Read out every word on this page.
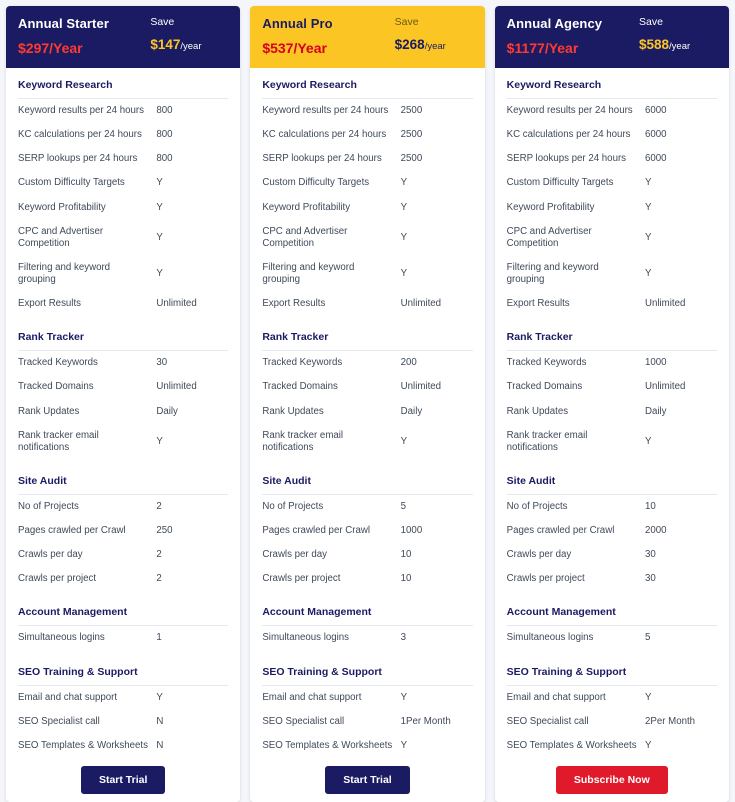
Annual Starter
$297/Year
Save
$147/year
Keyword Research
Keyword results per 24 hours	800
KC calculations per 24 hours	800
SERP lookups per 24 hours	800
Custom Difficulty Targets	Y
Keyword Profitability	Y
CPC and Advertiser Competition
Y
Filtering and keyword grouping
Y
Export Results	Unlimited
Rank Tracker
Tracked Keywords	30
Tracked Domains	Unlimited
Rank Updates	Daily
Rank tracker email notifications
Y
Site Audit
No of Projects	2
Pages crawled per Crawl	250
Crawls per day	2
Crawls per project	2
Account Management
Simultaneous logins	1
SEO Training & Support
Email and chat support	Y
SEO Specialist call	N
SEO Templates & Worksheets N
Start Trial
Annual Pro
$537/Year
Save
$268/year
Keyword Research
Keyword results per 24 hours	2500
KC calculations per 24 hours	2500
SERP lookups per 24 hours	2500
Custom Difficulty Targets	Y
Keyword Profitability	Y
CPC and Advertiser Competition
Y
Filtering and keyword grouping
Y
Export Results	Unlimited
Rank Tracker
Tracked Keywords	200
Tracked Domains	Unlimited
Rank Updates	Daily
Rank tracker email notifications
Y
Site Audit
No of Projects	5
Pages crawled per Crawl	1000
Crawls per day	10
Crawls per project	10
Account Management
Simultaneous logins	3
SEO Training & Support
Email and chat support	Y
SEO Specialist call	1Per Month
SEO Templates & Worksheets Y
Start Trial
Annual Agency
$1177/Year
Save
$588/year
Keyword Research
Keyword results per 24 hours	6000
KC calculations per 24 hours	6000
SERP lookups per 24 hours	6000
Custom Difficulty Targets	Y
Keyword Profitability	Y
CPC and Advertiser Competition
Y
Filtering and keyword grouping
Y
Export Results	Unlimited
Rank Tracker
Tracked Keywords	1000
Tracked Domains	Unlimited
Rank Updates	Daily
Rank tracker email notifications
Y
Site Audit
No of Projects	10
Pages crawled per Crawl	2000
Crawls per day	30
Crawls per project	30
Account Management
Simultaneous logins	5
SEO Training & Support
Email and chat support	Y
SEO Specialist call	2Per Month
SEO Templates & Worksheets Y
Subscribe Now
